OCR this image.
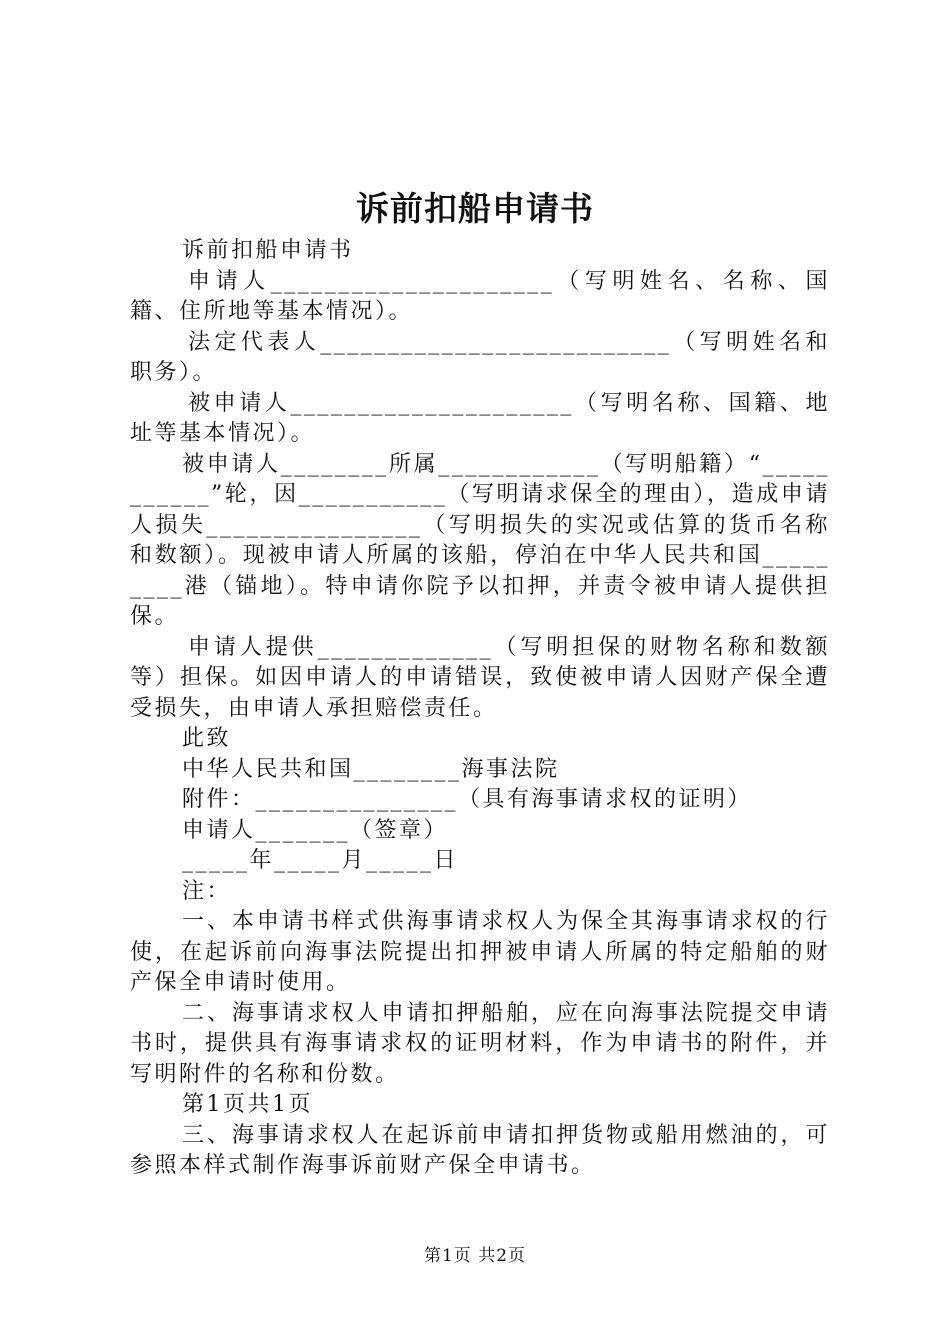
诉前扣船申请书

诉前扣船申请书

申请人_____________________（写明姓名、名称、国籍、住所地等基本情况）。

法定代表人__________________________（写明姓名和职务）。

被申请人_____________________（写明名称、国籍、地址等基本情况）。

被申请人________所属____________（写明船籍）“___________”轮，因___________（写明请求保全的理由），造成申请人损失________________（写明损失的实况或估算的货币名称和数额）。现被申请人所属的该船，停泊在中华人民共和国_________港（锚地）。特申请你院予以扣押，并责令被申请人提供担保。

申请人提供_____________（写明担保的财物名称和数额等）担保。如因申请人的申请错误，致使被申请人因财产保全遭受损失，由申请人承担赔偿责任。

此致

中华人民共和国________海事法院

附件：_______________（具有海事请求权的证明）

申请人_______（签章）

_____年_____月_____日

注：

一、本申请书样式供海事请求权人为保全其海事请求权的行使，在起诉前向海事法院提出扣押被申请人所属的特定船舶的财产保全申请时使用。

二、海事请求权人申请扣押船舶，应在向海事法院提交申请书时，提供具有海事请求权的证明材料，作为申请书的附件，并写明附件的名称和份数。

第1页共1页

三、海事请求权人在起诉前申请扣押货物或船用燃油的，可参照本样式制作海事诉前财产保全申请书。

第1页 共2页
